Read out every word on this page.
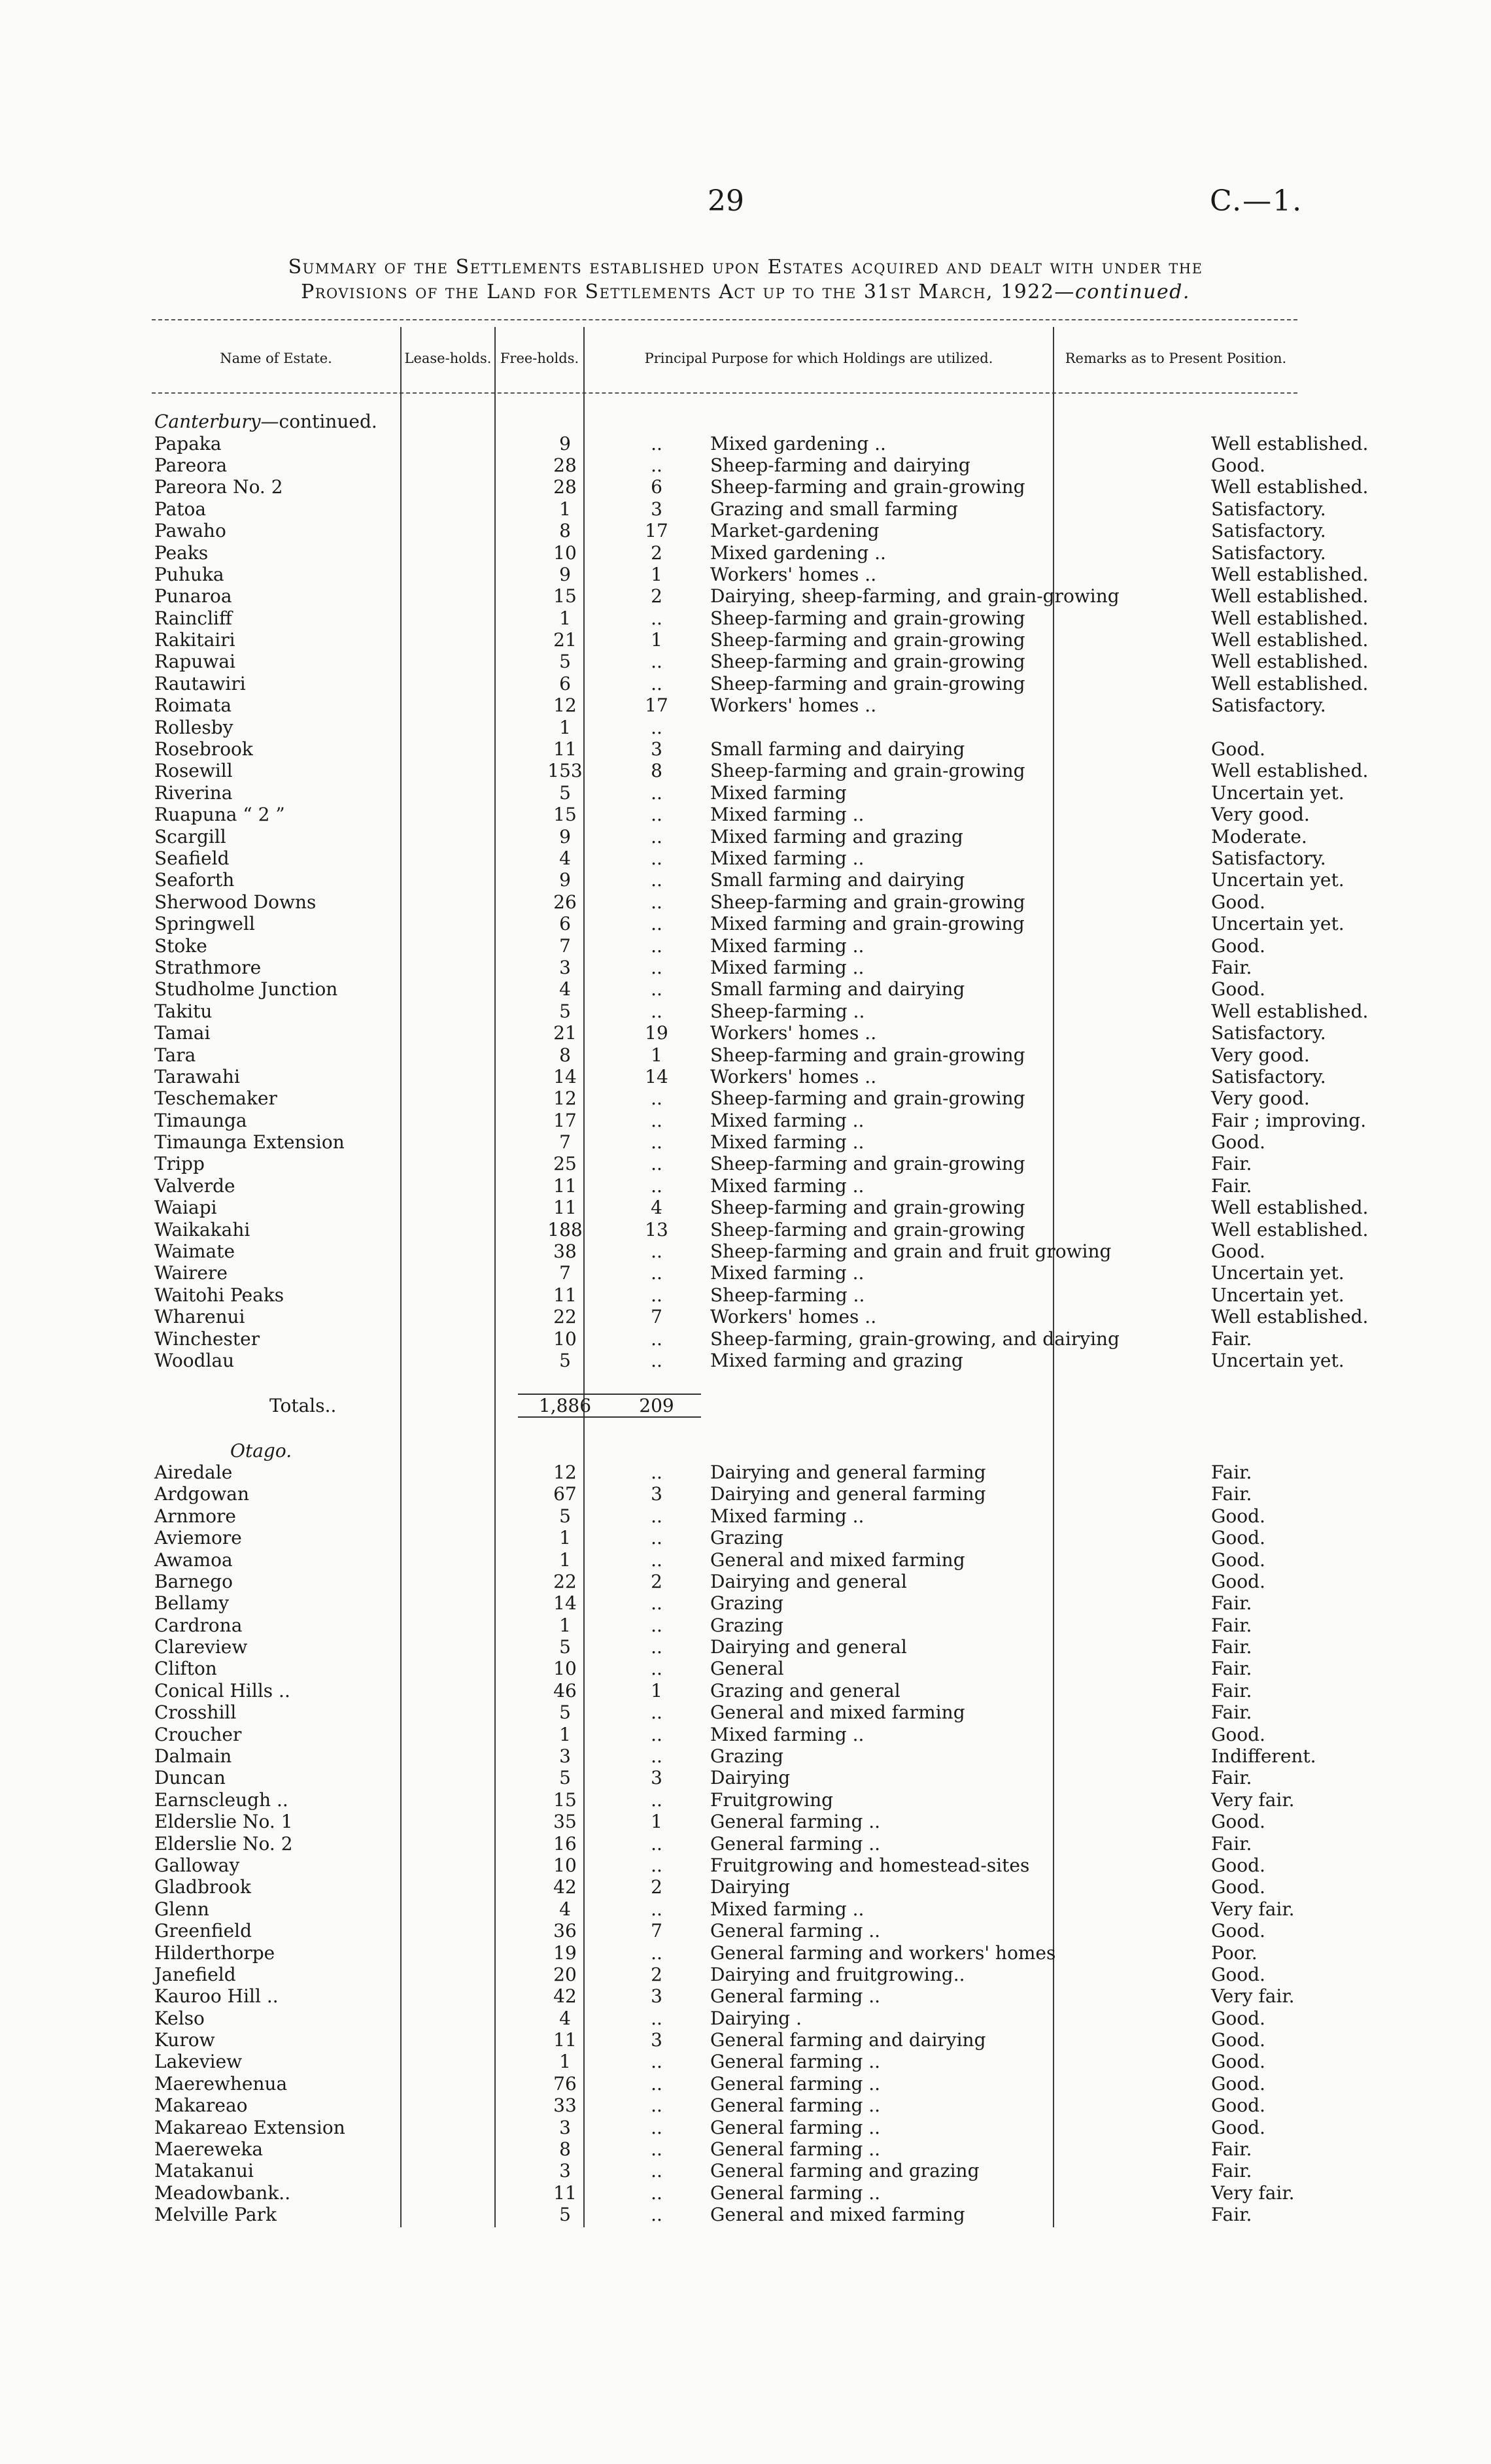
29	C.—1.
Summary of the Settlements established upon Estates acquired and dealt with under the
Provisions of the Land for Settlements Act up to the 31st March, 1922—continued.
Name of Estate.	Lease-holds. Free-holds.	Principal Purpose for which Holdings are utilized.	Remarks as to Present Position.
Canterbury—continued.				
Papaka	9	..	Mixed gardening ..	Well established.
Pareora	28	..	Sheep-farming and dairying	Good.
Pareora No. 2	28	6	Sheep-farming and grain-growing	Well established.
Patoa	1	3	Grazing and small farming	Satisfactory.
Pawaho	8	17	Market-gardening	Satisfactory.
Peaks	10	2	Mixed gardening ..	Satisfactory.
Puhuka	9	1	Workers' homes ..	Well established.
Punaroa	15	2	Dairying, sheep-farming, and grain-growing	Well established.
Raincliff	1	..	Sheep-farming and grain-growing	Well established.
Rakitairi	21	1	Sheep-farming and grain-growing	Well established.
Rapuwai	5	..	Sheep-farming and grain-growing	Well established.
Rautawiri	6	..	Sheep-farming and grain-growing	Well established.
Roimata	12	17	Workers' homes ..	Satisfactory.
Rollesby	1	..		
Rosebrook	11	3	Small farming and dairying	Good.
Rosewill	153	8	Sheep-farming and grain-growing	Well established.
Riverina	5	..	Mixed farming	Uncertain yet.
Ruapuna “ 2 ”	15	..	Mixed farming ..	Very good.
Scargill	9	..	Mixed farming and grazing	Moderate.
Seafield	4	..	Mixed farming ..	Satisfactory.
Seaforth	9	..	Small farming and dairying	Uncertain yet.
Sherwood Downs	26	..	Sheep-farming and grain-growing	Good.
Springwell	6	..	Mixed farming and grain-growing	Uncertain yet.
Stoke	7	..	Mixed farming ..	Good.
Strathmore	3	..	Mixed farming ..	Fair.
Studholme Junction	4	..	Small farming and dairying	Good.
Takitu	5	..	Sheep-farming ..	Well established.
Tamai	21	19	Workers' homes ..	Satisfactory.
Tara	8	1	Sheep-farming and grain-growing	Very good.
Tarawahi	14	14	Workers' homes ..	Satisfactory.
Teschemaker	12	..	Sheep-farming and grain-growing	Very good.
Timaunga	17	..	Mixed farming ..	Fair ; improving.
Timaunga Extension	7	..	Mixed farming ..	Good.
Tripp	25	..	Sheep-farming and grain-growing	Fair.
Valverde	11	..	Mixed farming ..	Fair.
Waiapi	11	4	Sheep-farming and grain-growing	Well established.
Waikakahi	188	13	Sheep-farming and grain-growing	Well established.
Waimate	38	..	Sheep-farming and grain and fruit growing	Good.
Wairere	7	..	Mixed farming ..	Uncertain yet.
Waitohi Peaks	11	..	Sheep-farming ..	Uncertain yet.
Wharenui	22	7	Workers' homes ..	Well established.
Winchester	10	..	Sheep-farming, grain-growing, and dairying	Fair.
Woodlau	5	..	Mixed farming and grazing	Uncertain yet.

Totals..	1,886	209		

Otago.				
Airedale	12	..	Dairying and general farming	Fair.
Ardgowan	67	3	Dairying and general farming	Fair.
Arnmore	5	..	Mixed farming ..	Good.
Aviemore	1	..	Grazing	Good.
Awamoa	1	..	General and mixed farming	Good.
Barnego	22	2	Dairying and general	Good.
Bellamy	14	..	Grazing	Fair.
Cardrona	1	..	Grazing	Fair.
Clareview	5	..	Dairying and general	Fair.
Clifton	10	..	General	Fair.
Conical Hills ..	46	1	Grazing and general	Fair.
Crosshill	5	..	General and mixed farming	Fair.
Croucher	1	..	Mixed farming ..	Good.
Dalmain	3	..	Grazing	Indifferent.
Duncan	5	3	Dairying	Fair.
Earnscleugh ..	15	..	Fruitgrowing	Very fair.
Elderslie No. 1	35	1	General farming ..	Good.
Elderslie No. 2	16	..	General farming ..	Fair.
Galloway	10	..	Fruitgrowing and homestead-sites	Good.
Gladbrook	42	2	Dairying	Good.
Glenn	4	..	Mixed farming ..	Very fair.
Greenfield	36	7	General farming ..	Good.
Hilderthorpe	19	..	General farming and workers' homes	Poor.
Janefield	20	2	Dairying and fruitgrowing..	Good.
Kauroo Hill ..	42	3	General farming ..	Very fair.
Kelso	4	..	Dairying .	Good.
Kurow	11	3	General farming and dairying	Good.
Lakeview	1	..	General farming ..	Good.
Maerewhenua	76	..	General farming ..	Good.
Makareao	33	..	General farming ..	Good.
Makareao Extension	3	..	General farming ..	Good.
Maereweka	8	..	General farming ..	Fair.
Matakanui	3	..	General farming and grazing	Fair.
Meadowbank..	11	..	General farming ..	Very fair.
Melville Park	5	..	General and mixed farming	Fair.
